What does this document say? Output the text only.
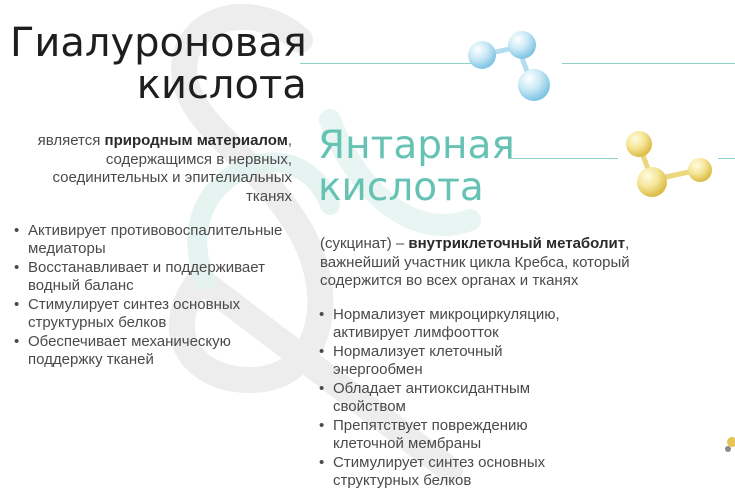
Гиалуроновая
кислота
является природным материалом, содержащимся в нервных, соединительных и эпителиальных тканях
• Активирует противовоспалительные медиаторы
• Восстанавливает и поддерживает водный баланс
• Стимулирует синтез основных структурных белков
• Обеспечивает механическую поддержку тканей
Янтарная
кислота
(сукцинат) – внутриклеточный метаболит, важнейший участник цикла Кребса, который содержится во всех органах и тканях
• Нормализует микроциркуляцию, активирует лимфоотток
• Нормализует клеточный энергообмен
• Обладает антиоксидантным свойством
• Препятствует повреждению клеточной мембраны
• Стимулирует синтез основных структурных белков
